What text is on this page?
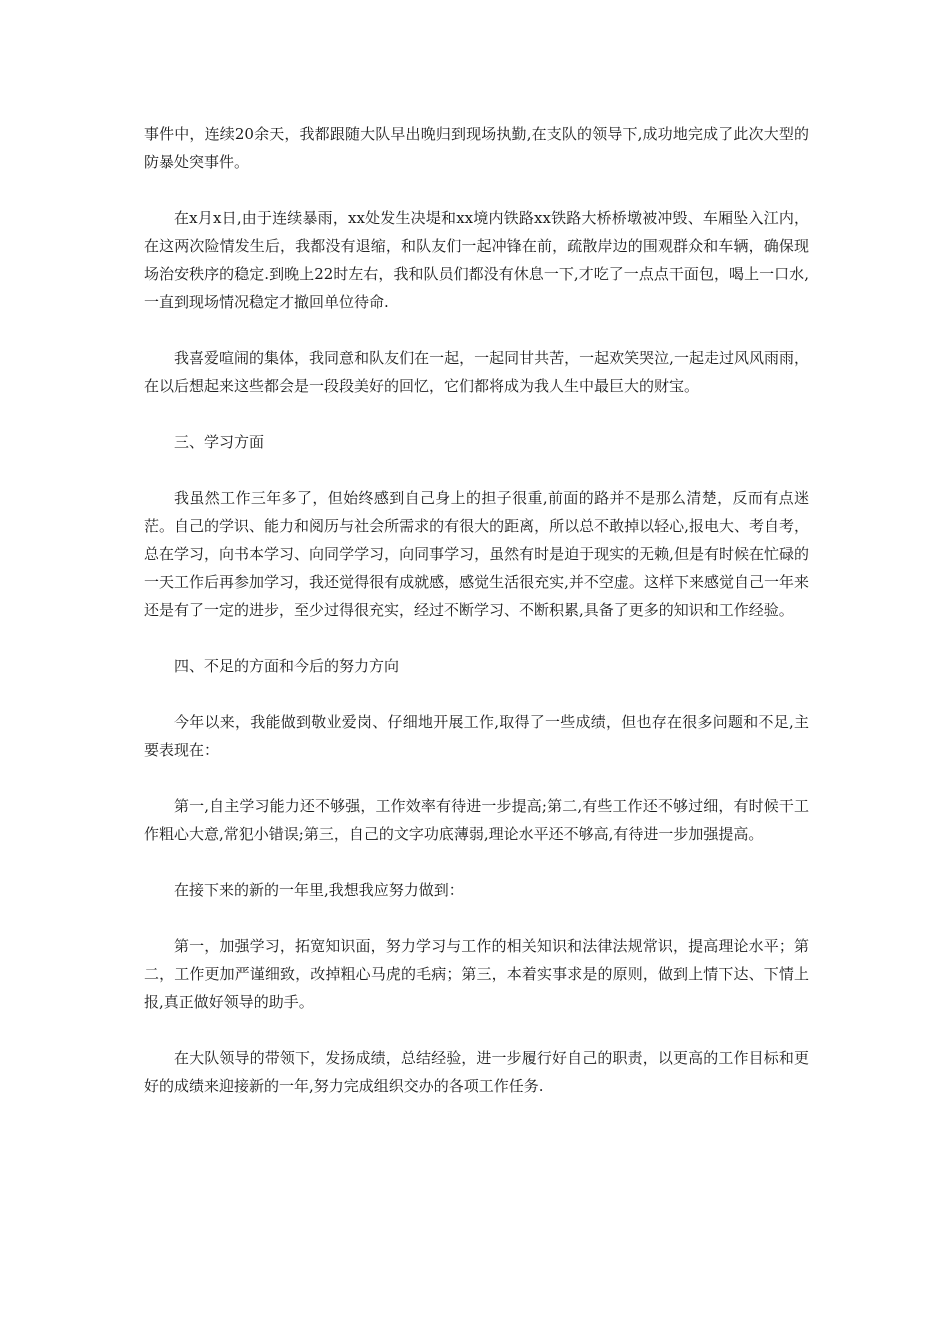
事件中，连续20余天，我都跟随大队早出晚归到现场执勤,在支队的领导下,成功地完成了此次大型的防暴处突事件。

在x月x日,由于连续暴雨，xx处发生决堤和xx境内铁路xx铁路大桥桥墩被冲毁、车厢坠入江内，在这两次险情发生后，我都没有退缩，和队友们一起冲锋在前，疏散岸边的围观群众和车辆，确保现场治安秩序的稳定.到晚上22时左右，我和队员们都没有休息一下,才吃了一点点干面包，喝上一口水,一直到现场情况稳定才撤回单位待命.

我喜爱喧闹的集体，我同意和队友们在一起，一起同甘共苦，一起欢笑哭泣,一起走过风风雨雨，在以后想起来这些都会是一段段美好的回忆，它们都将成为我人生中最巨大的财宝。

三、学习方面

我虽然工作三年多了，但始终感到自己身上的担子很重,前面的路并不是那么清楚，反而有点迷茫。自己的学识、能力和阅历与社会所需求的有很大的距离，所以总不敢掉以轻心,报电大、考自考，总在学习，向书本学习、向同学学习，向同事学习，虽然有时是迫于现实的无赖,但是有时候在忙碌的一天工作后再参加学习，我还觉得很有成就感，感觉生活很充实,并不空虚。这样下来感觉自己一年来还是有了一定的进步，至少过得很充实，经过不断学习、不断积累,具备了更多的知识和工作经验。

四、不足的方面和今后的努力方向

今年以来，我能做到敬业爱岗、仔细地开展工作,取得了一些成绩，但也存在很多问题和不足,主要表现在：

第一,自主学习能力还不够强，工作效率有待进一步提高;第二,有些工作还不够过细，有时候干工作粗心大意,常犯小错误;第三，自己的文字功底薄弱,理论水平还不够高,有待进一步加强提高。

在接下来的新的一年里,我想我应努力做到：

第一，加强学习，拓宽知识面，努力学习与工作的相关知识和法律法规常识，提高理论水平；第二，工作更加严谨细致，改掉粗心马虎的毛病；第三，本着实事求是的原则，做到上情下达、下情上报,真正做好领导的助手。

在大队领导的带领下，发扬成绩，总结经验，进一步履行好自己的职责，以更高的工作目标和更好的成绩来迎接新的一年,努力完成组织交办的各项工作任务.
